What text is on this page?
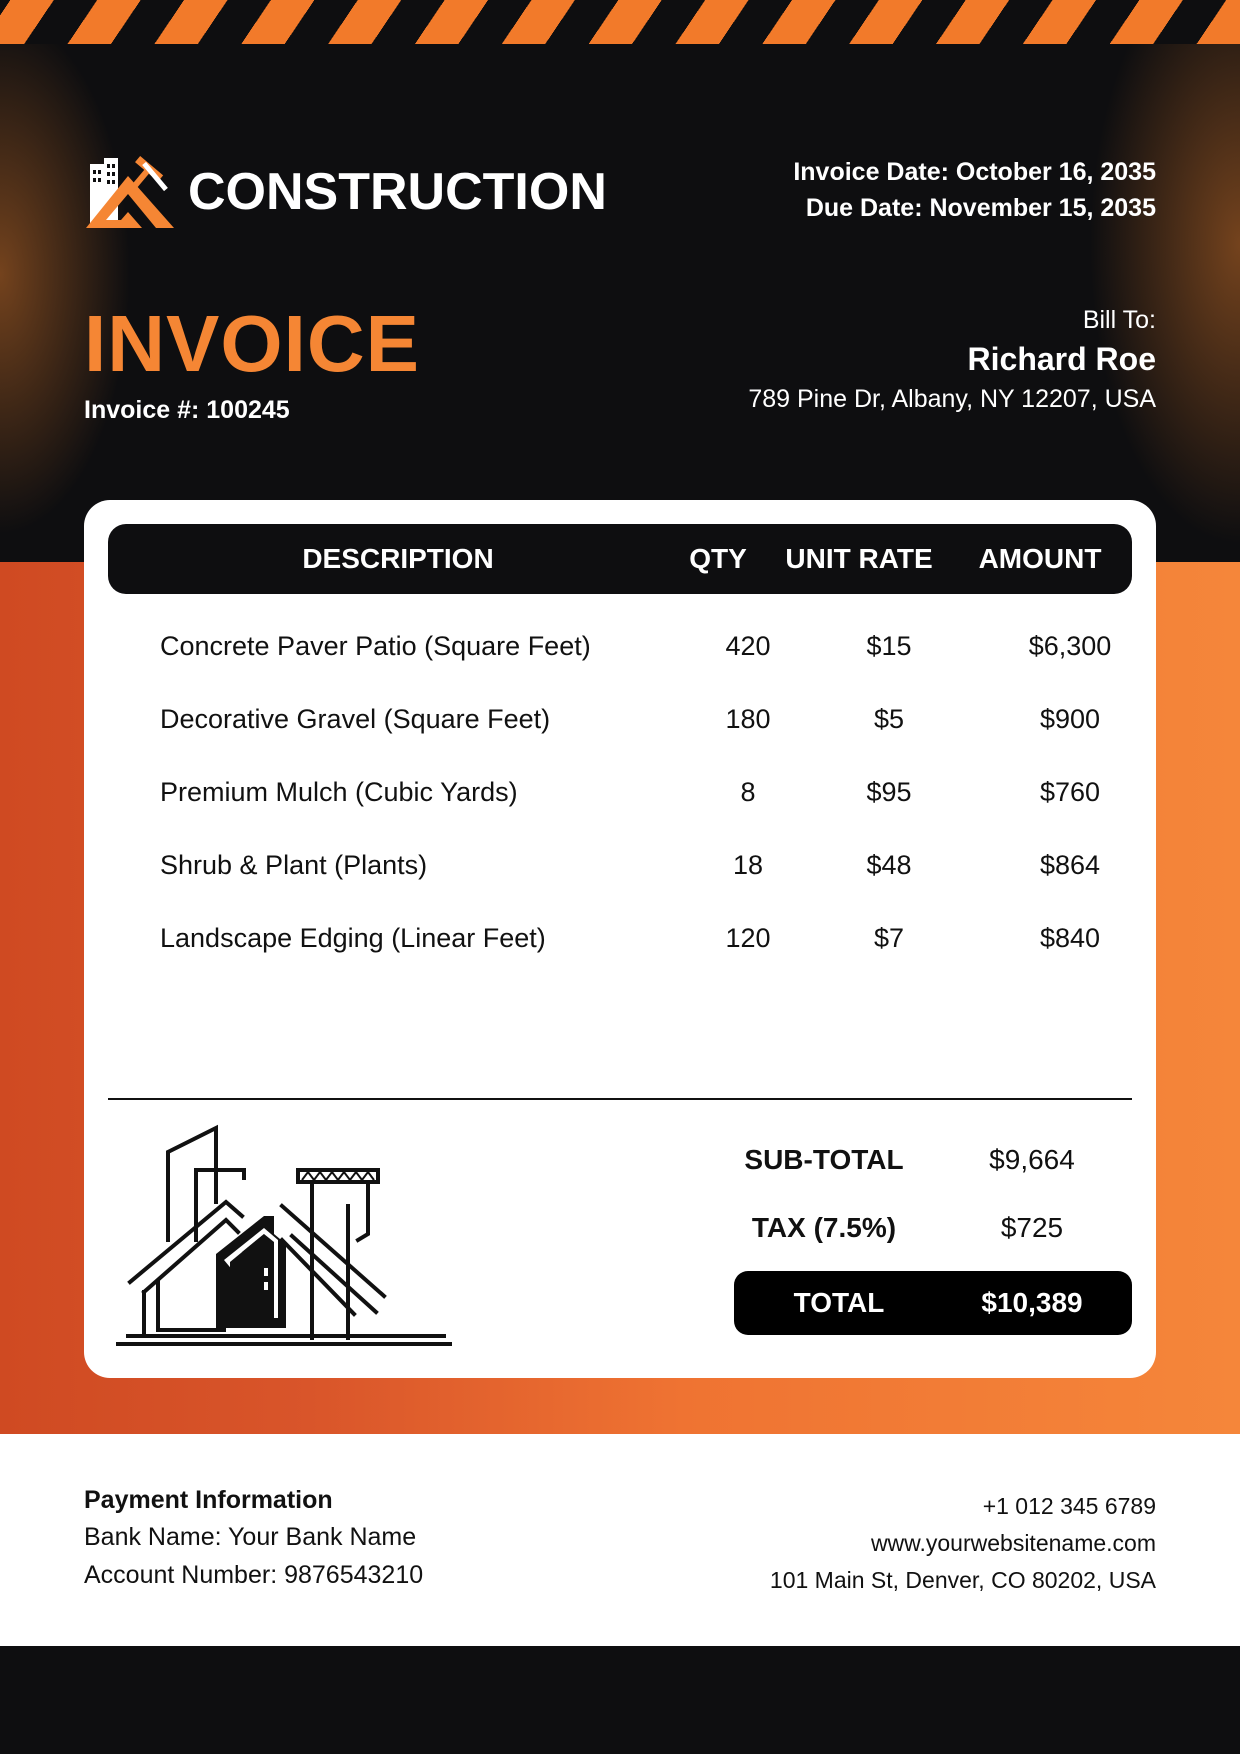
CONSTRUCTION	Invoice Date: October 16, 2035
Due Date: November 15, 2035
INVOICE
Invoice #: 100245
Bill To:
Richard Roe
789 Pine Dr, Albany, NY 12207, USA
DESCRIPTION	QTY	UNIT RATE	AMOUNT
Concrete Paver Patio (Square Feet)	420	$15	$6,300
Decorative Gravel (Square Feet)	180	$5	$900
Premium Mulch (Cubic Yards)	8	$95	$760
Shrub & Plant (Plants)	18	$48	$864
Landscape Edging (Linear Feet)	120	$7	$840
SUB-TOTAL	$9,664
TAX (7.5%)	$725
TOTAL	$10,389
Payment Information
Bank Name: Your Bank Name
Account Number: 9876543210
+1 012 345 6789
www.yourwebsitename.com
101 Main St, Denver, CO 80202, USA
